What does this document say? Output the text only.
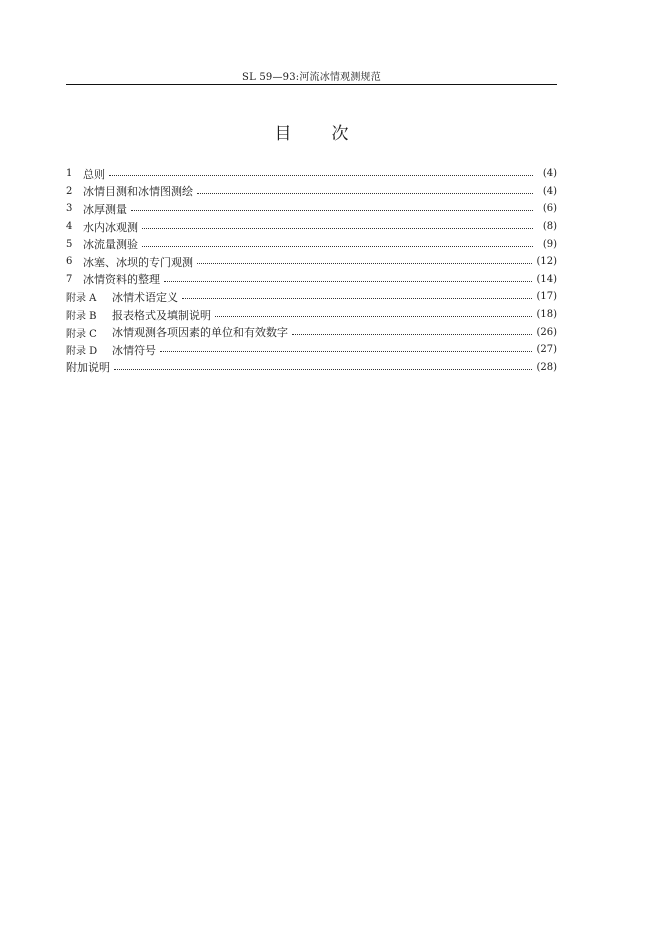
SL 59—93:河流冰情观测规范
目 次
1 总则	(4)
2 冰情目测和冰情图测绘	(4)
3 冰厚测量	(6)
4 水内冰观测	(8)
5 冰流量测验	(9)
6 冰塞、冰坝的专门观测	(12)
7 冰情资料的整理	(14)
附录 A	冰情术语定义	(17)
附录 B	报表格式及填制说明	(18)
附录 C	冰情观测各项因素的单位和有效数字	(26)
附录 D	冰情符号	(27)
附加说明	(28)
